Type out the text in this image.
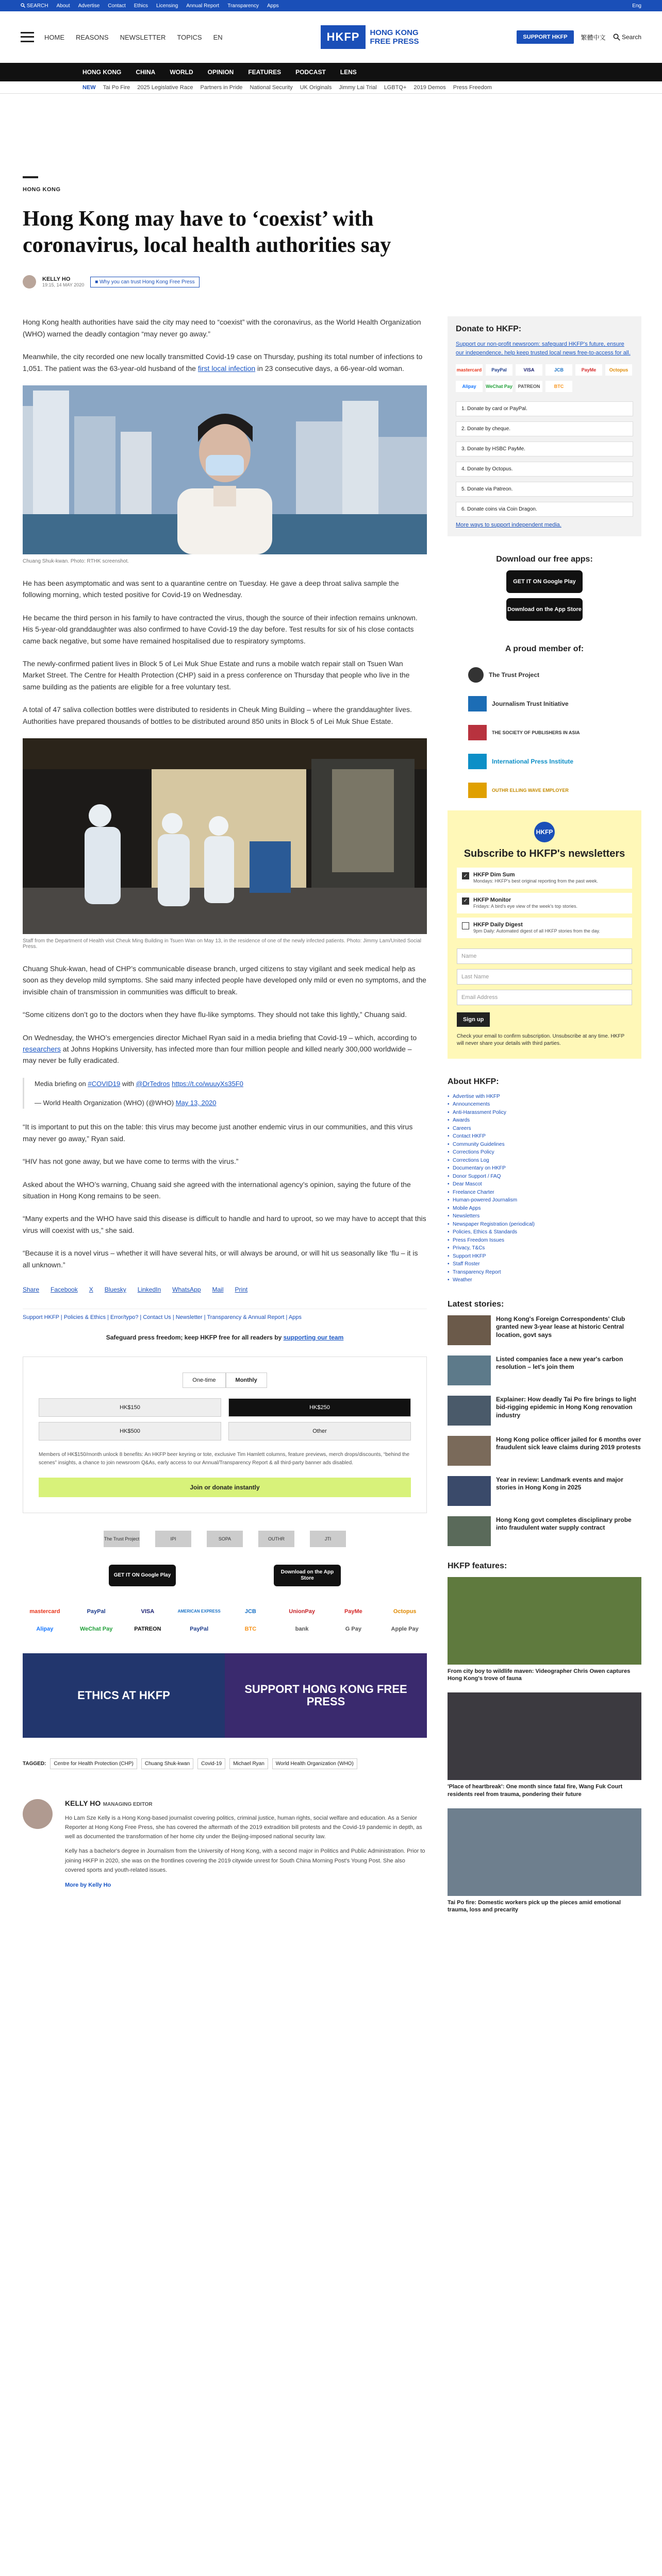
SEARCH About Advertise Contact Ethics Licensing Annual Report Transparency Apps	Eng
HOME REASONS NEWSLETTER TOPICS EN	HKFP	HONG KONG
FREE PRESS	SUPPORT HKFP	繁體中文	Search
HONG KONG CHINA WORLD OPINION FEATURES PODCAST LENS
NEW Tai Po Fire 2025 Legislative Race Partners in Pride National Security UK Originals Jimmy Lai Trial LGBTQ+ 2019 Demos Press Freedom
HONG KONG
Hong Kong may have to ‘coexist’ with coronavirus, local health authorities say
KELLY HO
19:15, 14 MAY 2020
■ Why you can trust Hong Kong Free Press

Hong Kong health authorities have said the city may need to “coexist” with the coronavirus, as the World Health Organization (WHO) warned the deadly contagion “may never go away.”

Meanwhile, the city recorded one new locally transmitted Covid-19 case on Thursday, pushing its total number of infections to 1,051. The patient was the 63-year-old husband of the first local infection in 23 consecutive days, a 66-year-old woman.

Chuang Shuk-kwan. Photo: RTHK screenshot.

He has been asymptomatic and was sent to a quarantine centre on Tuesday. He gave a deep throat saliva sample the following morning, which tested positive for Covid-19 on Wednesday.

He became the third person in his family to have contracted the virus, though the source of their infection remains unknown. His 5-year-old granddaughter was also confirmed to have Covid-19 the day before. Test results for six of his close contacts came back negative, but some have remained hospitalised due to respiratory symptoms.

The newly-confirmed patient lives in Block 5 of Lei Muk Shue Estate and runs a mobile watch repair stall on Tsuen Wan Market Street. The Centre for Health Protection (CHP) said in a press conference on Thursday that people who live in the same building as the patients are eligible for a free voluntary test.

A total of 47 saliva collection bottles were distributed to residents in Cheuk Ming Building – where the granddaughter lives. Authorities have prepared thousands of bottles to be distributed around 850 units in Block 5 of Lei Muk Shue Estate.

Staff from the Department of Health visit Cheuk Ming Building in Tsuen Wan on May 13, in the residence of one of the newly infected patients. Photo: Jimmy Lam/United Social Press.

Chuang Shuk-kwan, head of CHP’s communicable disease branch, urged citizens to stay vigilant and seek medical help as soon as they develop mild symptoms. She said many infected people have developed only mild or even no symptoms, and the invisible chain of transmission in communities was difficult to break.

“Some citizens don’t go to the doctors when they have flu-like symptoms. They should not take this lightly,” Chuang said.

On Wednesday, the WHO’s emergencies director Michael Ryan said in a media briefing that Covid-19 – which, according to researchers at Johns Hopkins University, has infected more than four million people and killed nearly 300,000 worldwide – may never be fully eradicated.

Media briefing on #COVID19 with @DrTedros https://t.co/wuuyXs35F0
— World Health Organization (WHO) (@WHO) May 13, 2020

“It is important to put this on the table: this virus may become just another endemic virus in our communities, and this virus may never go away,” Ryan said.

“HIV has not gone away, but we have come to terms with the virus.”

Asked about the WHO’s warning, Chuang said she agreed with the international agency’s opinion, saying the future of the situation in Hong Kong remains to be seen.

“Many experts and the WHO have said this disease is difficult to handle and hard to uproot, so we may have to accept that this virus will coexist with us,” she said.

“Because it is a novel virus – whether it will have several hits, or will always be around, or will hit us seasonally like ‘flu – it is all unknown.”

Share Facebook X Bluesky LinkedIn WhatsApp Mail Print
Support HKFP | Policies & Ethics | Error/typo? | Contact Us | Newsletter | Transparency & Annual Report | Apps
Safeguard press freedom; keep HKFP free for all readers by supporting our team
One-time	Monthly
HK$150	HK$250
HK$500	Other
Members of HK$150/month unlock 8 benefits: An HKFP beer keyring or tote, exclusive Tim Hamlett columns, feature previews, merch drops/discounts, “behind the scenes” insights, a chance to join newsroom Q&As, early access to our Annual/Transparency Report & all third-party banner ads disabled.
Join or donate instantly
The Trust Project	IPI	SOPA	OUTHR	JTI
GET IT ON Google Play
Download on the App Store
mastercard	PayPal	VISA	AMERICAN EXPRESS	JCB	UnionPay	PayMe	Octopus
Alipay	WeChat Pay	PATREON	PayPal	BTC	bank	G Pay	Apple Pay
ETHICS AT HKFP	SUPPORT HONG KONG FREE PRESS
TAGGED:	Centre for Health Protection (CHP)	Chuang Shuk-kwan	Covid-19	Michael Ryan	World Health Organization (WHO)
KELLY HO MANAGING EDITOR

Ho Lam Sze Kelly is a Hong Kong-based journalist covering politics, criminal justice, human rights, social welfare and education. As a Senior Reporter at Hong Kong Free Press, she has covered the aftermath of the 2019 extradition bill protests and the Covid-19 pandemic in depth, as well as documented the transformation of her home city under the Beijing-imposed national security law.

Kelly has a bachelor's degree in Journalism from the University of Hong Kong, with a second major in Politics and Public Administration. Prior to joining HKFP in 2020, she was on the frontlines covering the 2019 citywide unrest for South China Morning Post's Young Post. She also covered sports and youth-related issues.

More by Kelly Ho
Donate to HKFP:
Support our non-profit newsroom: safeguard HKFP's future, ensure our independence, help keep trusted local news free-to-access for all.
mastercard	PayPal	VISA	JCB	PayMe	Octopus
Alipay	WeChat Pay	PATREON	BTC
1. Donate by card or PayPal.
2. Donate by cheque.
3. Donate by HSBC PayMe.
4. Donate by Octopus.
5. Donate via Patreon.
6. Donate coins via Coin Dragon.
More ways to support independent media.
Download our free apps:
GET IT ON Google Play
Download on the App Store
A proud member of:
The Trust Project
Journalism Trust Initiative
THE SOCIETY OF PUBLISHERS IN ASIA
International Press Institute
OUTHR ELLING WAVE EMPLOYER
HKFP
Subscribe to HKFP's newsletters
✓ HKFP Dim Sum
Mondays: HKFP's best original reporting from the past week.
✓ HKFP Monitor
Fridays: A bird's eye view of the week's top stories.
HKFP Daily Digest
9pm Daily: Automated digest of all HKFP stories from the day.
Name
Last Name
Email Address
Sign up
Check your email to confirm subscription. Unsubscribe at any time. HKFP will never share your details with third parties.
About HKFP:
• Advertise with HKFP
• Announcements
• Anti-Harassment Policy
• Awards
• Careers
• Contact HKFP
• Community Guidelines
• Corrections Policy
• Corrections Log
• Documentary on HKFP
• Donor Support / FAQ
• Dear Mascot
• Freelance Charter
• Human-powered Journalism
• Mobile Apps
• Newsletters
• Newspaper Registration (periodical)
• Policies, Ethics & Standards
• Press Freedom Issues
• Privacy, T&Cs
• Support HKFP
• Staff Roster
• Transparency Report
• Weather
Latest stories:
Hong Kong's Foreign Correspondents' Club granted new 3-year lease at historic Central location, govt says
Listed companies face a new year's carbon resolution – let's join them
Explainer: How deadly Tai Po fire brings to light bid-rigging epidemic in Hong Kong renovation industry
Hong Kong police officer jailed for 6 months over fraudulent sick leave claims during 2019 protests
Year in review: Landmark events and major stories in Hong Kong in 2025
Hong Kong govt completes disciplinary probe into fraudulent water supply contract
HKFP features:
From city boy to wildlife maven: Videographer Chris Owen captures Hong Kong's trove of fauna
'Place of heartbreak': One month since fatal fire, Wang Fuk Court residents reel from trauma, pondering their future
Tai Po fire: Domestic workers pick up the pieces amid emotional trauma, loss and precarity
